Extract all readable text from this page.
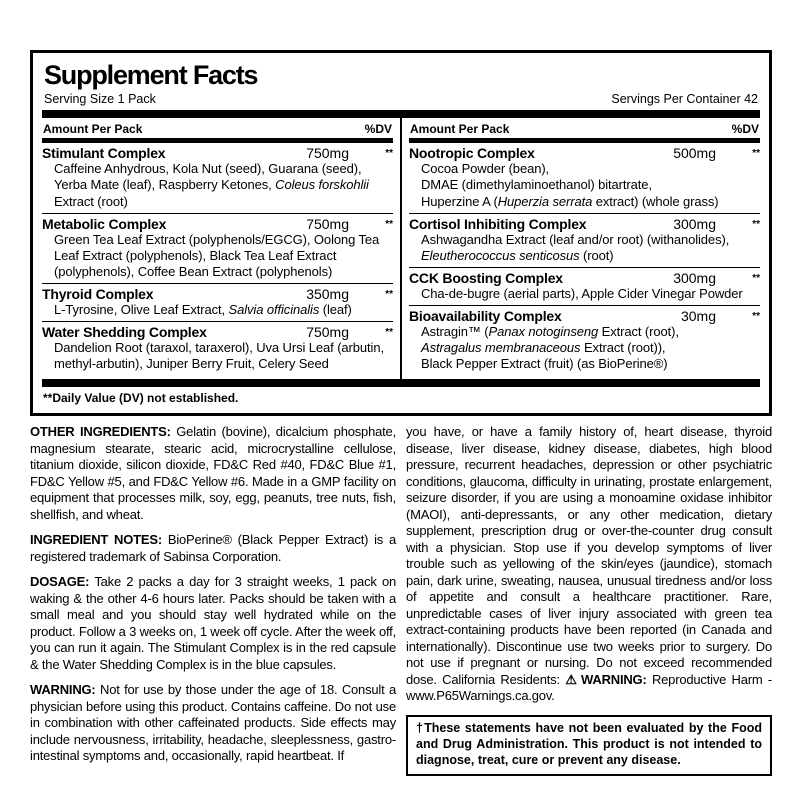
Supplement Facts
Serving Size 1 Pack	Servings Per Container 42
Amount Per Pack	%DV
Stimulant Complex	750mg	**
Caffeine Anhydrous, Kola Nut (seed), Guarana (seed), Yerba Mate (leaf), Raspberry Ketones, Coleus forskohlii Extract (root)
Metabolic Complex	750mg	**
Green Tea Leaf Extract (polyphenols/EGCG), Oolong Tea Leaf Extract (polyphenols), Black Tea Leaf Extract (polyphenols), Coffee Bean Extract (polyphenols)
Thyroid Complex	350mg	**
L-Tyrosine, Olive Leaf Extract, Salvia officinalis (leaf)
Water Shedding Complex	750mg	**
Dandelion Root (taraxol, taraxerol), Uva Ursi Leaf (arbutin, methyl-arbutin), Juniper Berry Fruit, Celery Seed
Amount Per Pack	%DV
Nootropic Complex	500mg	**
Cocoa Powder (bean),
DMAE (dimethylaminoethanol) bitartrate,
Huperzine A (Huperzia serrata extract) (whole grass)
Cortisol Inhibiting Complex	300mg	**
Ashwagandha Extract (leaf and/or root) (withanolides),
Eleutherococcus senticosus (root)
CCK Boosting Complex	300mg	**
Cha-de-bugre (aerial parts), Apple Cider Vinegar Powder
Bioavailability Complex	30mg	**
Astragin™ (Panax notoginseng Extract (root),
Astragalus membranaceous Extract (root)),
Black Pepper Extract (fruit) (as BioPerine®)
**Daily Value (DV) not established.

OTHER INGREDIENTS: Gelatin (bovine), dicalcium phosphate, magnesium stearate, stearic acid, microcrystalline cellulose, titanium dioxide, silicon dioxide, FD&C Red #40, FD&C Blue #1, FD&C Yellow #5, and FD&C Yellow #6. Made in a GMP facility on equipment that processes milk, soy, egg, peanuts, tree nuts, fish, shellfish, and wheat.

INGREDIENT NOTES: BioPerine® (Black Pepper Extract) is a registered trademark of Sabinsa Corporation.

DOSAGE: Take 2 packs a day for 3 straight weeks, 1 pack on waking & the other 4-6 hours later. Packs should be taken with a small meal and you should stay well hydrated while on the product. Follow a 3 weeks on, 1 week off cycle. After the week off, you can run it again. The Stimulant Complex is in the red capsule & the Water Shedding Complex is in the blue capsules.

WARNING: Not for use by those under the age of 18. Consult a physician before using this product. Contains caffeine. Do not use in combination with other caffeinated products. Side effects may include nervousness, irritability, headache, sleeplessness, gastro-intestinal symptoms and, occasionally, rapid heartbeat. If

you have, or have a family history of, heart disease, thyroid disease, liver disease, kidney disease, diabetes, high blood pressure, recurrent headaches, depression or other psychiatric conditions, glaucoma, difficulty in urinating, prostate enlargement, seizure disorder, if you are using a monoamine oxidase inhibitor (MAOI), anti-depressants, or any other medication, dietary supplement, prescription drug or over-the-counter drug consult with a physician. Stop use if you develop symptoms of liver trouble such as yellowing of the skin/eyes (jaundice), stomach pain, dark urine, sweating, nausea, unusual tiredness and/or loss of appetite and consult a healthcare practitioner. Rare, unpredictable cases of liver injury associated with green tea extract-containing products have been reported (in Canada and internationally). Discontinue use two weeks prior to surgery. Do not use if pregnant or nursing. Do not exceed recommended dose. California Residents: ⚠ WARNING: Reproductive Harm - www.P65Warnings.ca.gov.

†These statements have not been evaluated by the Food and Drug Administration. This product is not intended to diagnose, treat, cure or prevent any disease.
